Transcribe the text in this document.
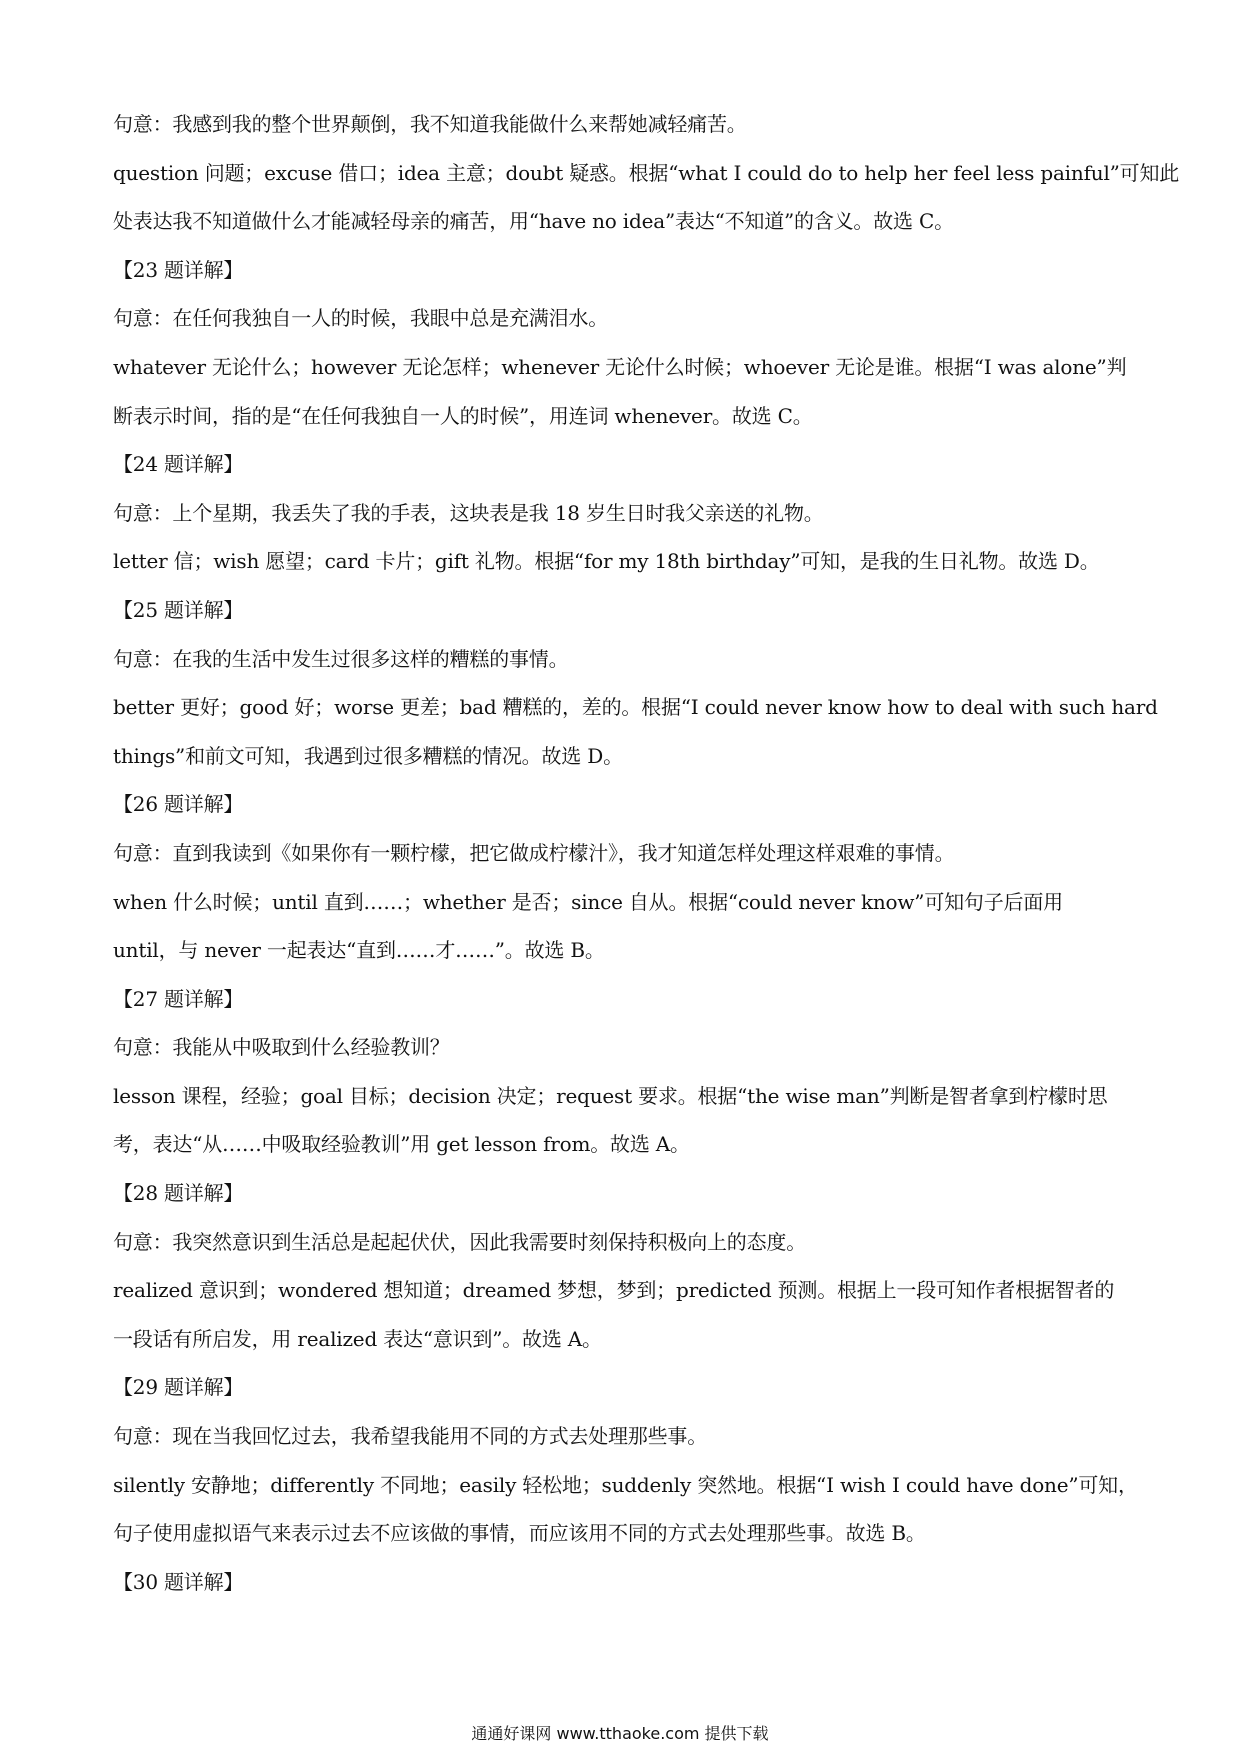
句意：我感到我的整个世界颠倒，我不知道我能做什么来帮她减轻痛苦。
question 问题；excuse 借口；idea 主意；doubt 疑惑。根据“what I could do to help her feel less painful”可知此
处表达我不知道做什么才能减轻母亲的痛苦，用“have no idea”表达“不知道”的含义。故选 C。
【23 题详解】
句意：在任何我独自一人的时候，我眼中总是充满泪水。
whatever 无论什么；however 无论怎样；whenever 无论什么时候；whoever 无论是谁。根据“I was alone”判
断表示时间，指的是“在任何我独自一人的时候”，用连词 whenever。故选 C。
【24 题详解】
句意：上个星期，我丢失了我的手表，这块表是我 18 岁生日时我父亲送的礼物。
letter 信；wish 愿望；card 卡片；gift 礼物。根据“for my 18th birthday”可知，是我的生日礼物。故选 D。
【25 题详解】
句意：在我的生活中发生过很多这样的糟糕的事情。
better 更好；good 好；worse 更差；bad 糟糕的，差的。根据“I could never know how to deal with such hard
things”和前文可知，我遇到过很多糟糕的情况。故选 D。
【26 题详解】
句意：直到我读到《如果你有一颗柠檬，把它做成柠檬汁》，我才知道怎样处理这样艰难的事情。
when 什么时候；until 直到……；whether 是否；since 自从。根据“could never know”可知句子后面用
until，与 never 一起表达“直到……才……”。故选 B。
【27 题详解】
句意：我能从中吸取到什么经验教训？
lesson 课程，经验；goal 目标；decision 决定；request 要求。根据“the wise man”判断是智者拿到柠檬时思
考，表达“从……中吸取经验教训”用 get lesson from。故选 A。
【28 题详解】
句意：我突然意识到生活总是起起伏伏，因此我需要时刻保持积极向上的态度。
realized 意识到；wondered 想知道；dreamed 梦想，梦到；predicted 预测。根据上一段可知作者根据智者的
一段话有所启发，用 realized 表达“意识到”。故选 A。
【29 题详解】
句意：现在当我回忆过去，我希望我能用不同的方式去处理那些事。
silently 安静地；differently 不同地；easily 轻松地；suddenly 突然地。根据“I wish I could have done”可知，
句子使用虚拟语气来表示过去不应该做的事情，而应该用不同的方式去处理那些事。故选 B。
【30 题详解】
通通好课网 www.tthaoke.com 提供下载
